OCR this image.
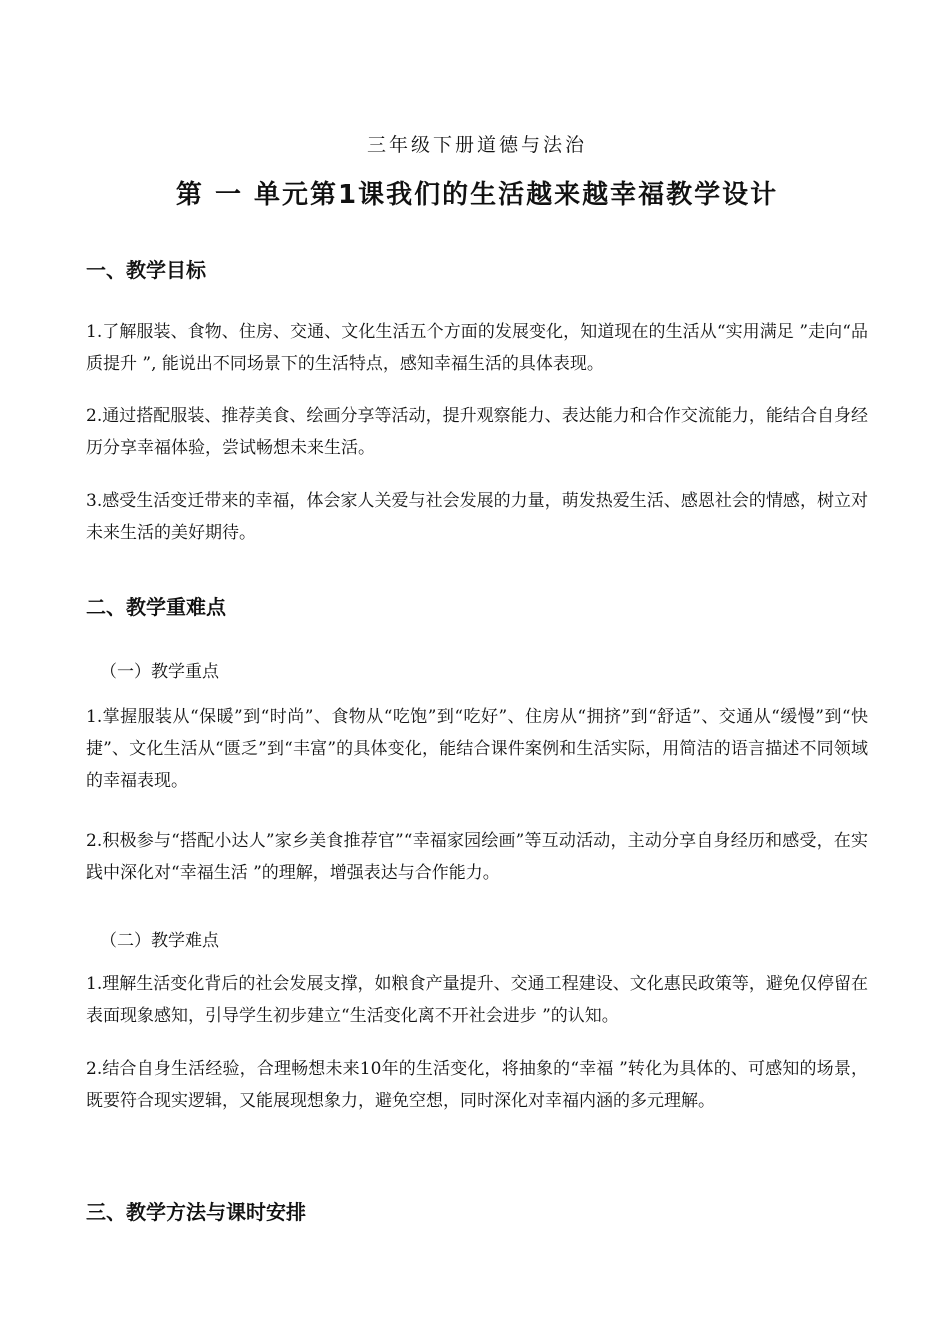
三年级下册道德与法治
第 一 单元第1课我们的生活越来越幸福教学设计
一、教学目标
1.了解服装、食物、住房、交通、文化生活五个方面的发展变化，知道现在的生活从“实用满足 ”走向“品质提升 ”, 能说出不同场景下的生活特点，感知幸福生活的具体表现。
2.通过搭配服装、推荐美食、绘画分享等活动，提升观察能力、表达能力和合作交流能力，能结合自身经历分享幸福体验，尝试畅想未来生活。
3.感受生活变迁带来的幸福，体会家人关爱与社会发展的力量，萌发热爱生活、感恩社会的情感，树立对未来生活的美好期待。
二、教学重难点
（一）教学重点
1.掌握服装从“保暖”到“时尚”、食物从“吃饱”到“吃好”、住房从“拥挤”到“舒适”、交通从“缓慢”到“快捷”、文化生活从“匮乏”到“丰富”的具体变化，能结合课件案例和生活实际，用简洁的语言描述不同领域的幸福表现。
2.积极参与“搭配小达人”家乡美食推荐官”“幸福家园绘画”等互动活动，主动分享自身经历和感受，在实践中深化对“幸福生活 ”的理解，增强表达与合作能力。
（二）教学难点
1.理解生活变化背后的社会发展支撑，如粮食产量提升、交通工程建设、文化惠民政策等，避免仅停留在表面现象感知，引导学生初步建立“生活变化离不开社会进步 ”的认知。
2.结合自身生活经验，合理畅想未来10年的生活变化，将抽象的“幸福 ”转化为具体的、可感知的场景，既要符合现实逻辑，又能展现想象力，避免空想，同时深化对幸福内涵的多元理解。
三、教学方法与课时安排
